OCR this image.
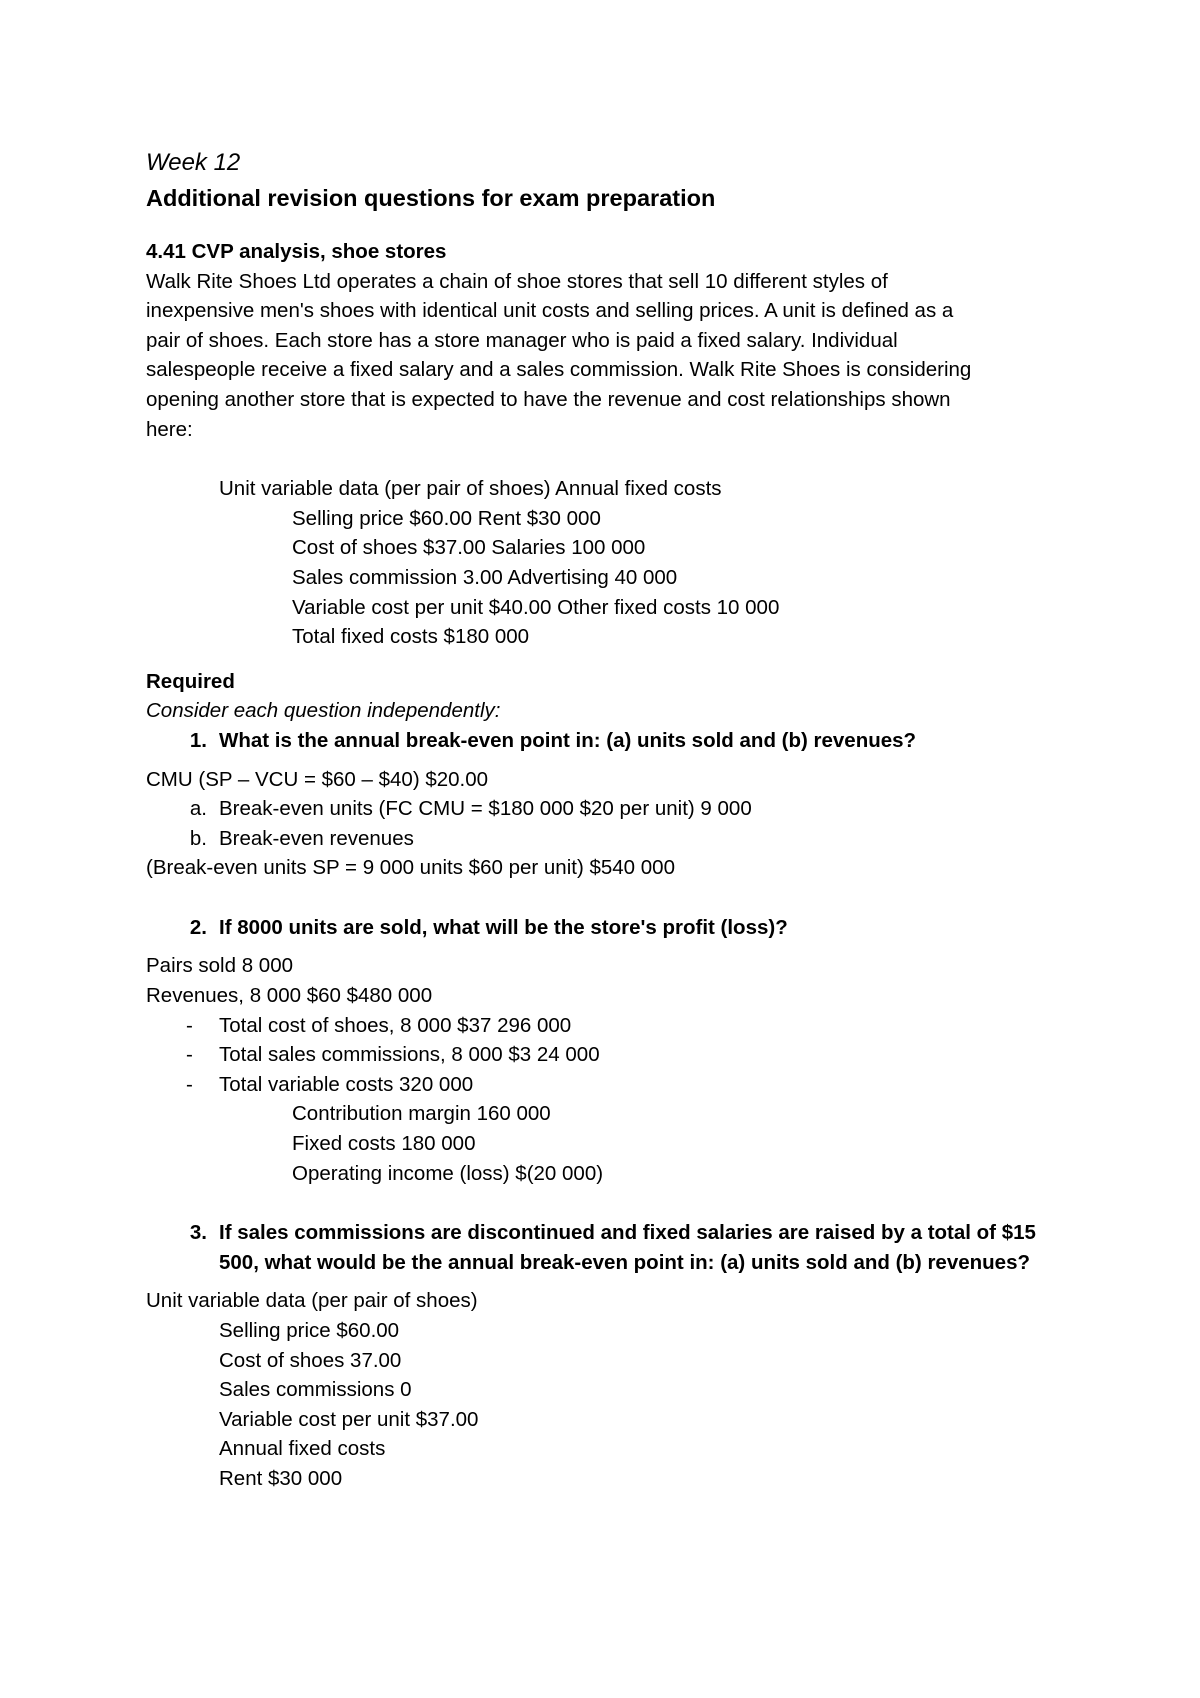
Week 12
Additional revision questions for exam preparation
4.41 CVP analysis, shoe stores
Walk Rite Shoes Ltd operates a chain of shoe stores that sell 10 different styles of
inexpensive men's shoes with identical unit costs and selling prices. A unit is defined as a
pair of shoes. Each store has a store manager who is paid a fixed salary. Individual
salespeople receive a fixed salary and a sales commission. Walk Rite Shoes is considering
opening another store that is expected to have the revenue and cost relationships shown
here:
Unit variable data (per pair of shoes) Annual fixed costs
Selling price $60.00 Rent $30 000
Cost of shoes $37.00 Salaries 100 000
Sales commission 3.00 Advertising 40 000
Variable cost per unit $40.00 Other fixed costs 10 000
Total fixed costs $180 000
Required
Consider each question independently:
1. What is the annual break-even point in: (a) units sold and (b) revenues?
CMU (SP – VCU = $60 – $40) $20.00
a. Break-even units (FC CMU = $180 000 $20 per unit) 9 000
b. Break-even revenues
(Break-even units SP = 9 000 units $60 per unit) $540 000
2. If 8000 units are sold, what will be the store's profit (loss)?
Pairs sold 8 000
Revenues, 8 000 $60 $480 000
-	Total cost of shoes, 8 000 $37 296 000
-	Total sales commissions, 8 000 $3 24 000
-	Total variable costs 320 000
Contribution margin 160 000
Fixed costs 180 000
Operating income (loss) $(20 000)
3. If sales commissions are discontinued and fixed salaries are raised by a total of $15 500, what would be the annual break-even point in: (a) units sold and (b) revenues?
Unit variable data (per pair of shoes)
Selling price $60.00
Cost of shoes 37.00
Sales commissions 0
Variable cost per unit $37.00
Annual fixed costs
Rent $30 000
